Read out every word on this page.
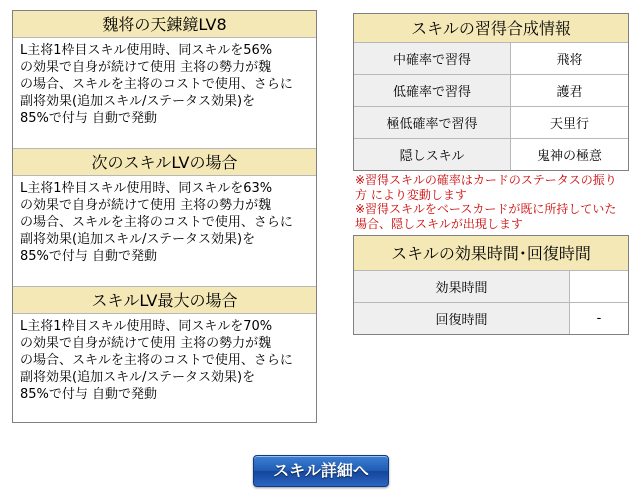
魏将の天錬鏡LV8
L主将1枠目スキル使用時、同スキルを56%
の効果で自身が続けて使用 主将の勢力が魏
の場合、スキルを主将のコストで使用、さらに
副将効果(追加スキル/ステータス効果)を
85%で付与 自動で発動
次のスキルLVの場合
L主将1枠目スキル使用時、同スキルを63%
の効果で自身が続けて使用 主将の勢力が魏
の場合、スキルを主将のコストで使用、さらに
副将効果(追加スキル/ステータス効果)を
85%で付与 自動で発動
スキルLV最大の場合
L主将1枠目スキル使用時、同スキルを70%
の効果で自身が続けて使用 主将の勢力が魏
の場合、スキルを主将のコストで使用、さらに
副将効果(追加スキル/ステータス効果)を
85%で付与 自動で発動
スキルの習得合成情報
中確率で習得	飛将
低確率で習得	護君
極低確率で習得	天里行
隠しスキル	鬼神の極意
※習得スキルの確率はカードのステータスの振り
方 により変動します
※習得スキルをベースカードが既に所持していた
場合、隠しスキルが出現します
スキルの効果時間･回復時間
効果時間	
回復時間	-
スキル詳細へ
